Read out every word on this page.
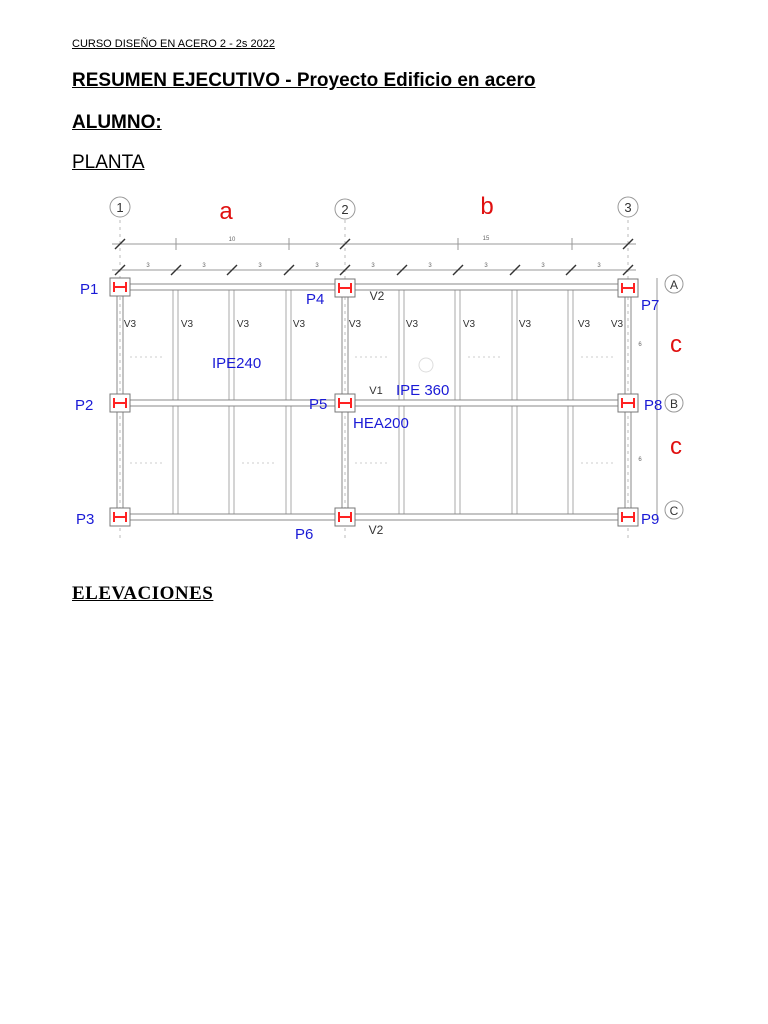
CURSO DISEÑO EN ACERO 2 - 2s 2022
RESUMEN EJECUTIVO - Proyecto Edificio en acero
ALUMNO:
PLANTA
1	2	3
A
B
C
a	b
c
c
10	15
3	3	3	3	3	3	3	3	3
6
6
V3	V3	V3	V3	V3	V3	V3	V3	V3 V3
V2
V1
V2
P1
P2
P3
P4
P5
P6
P7
P8
P9
IPE240
IPE 360
HEA200
ELEVACIONES
